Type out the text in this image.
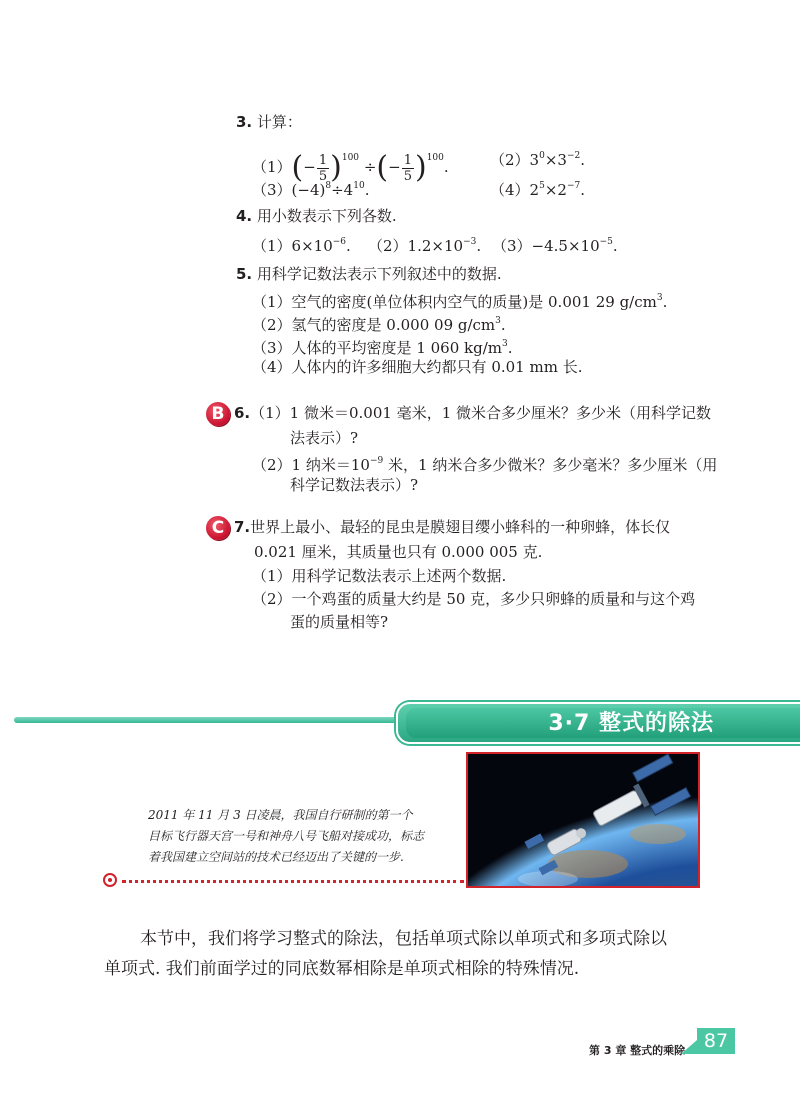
3. 计算：
$(1)(- \frac{1}{5} )^{100}$ ÷(− $\frac{1}{5} )^{100}$.	$(2)3^0\times 3^{-2}$.
$(3)(-4)^8\div 4^{10}$.	$(4)2^5\times 2^{-7}$.
4. 用小数表示下列各数.
$(1)6\times 10^{-6}$. $(2)1.2\times 10^{-3}$. $(3)-4.5\times 10^{-5}$.
5. 用科学记数法表示下列叙述中的数据.
（1）空气的密度(单位体积内空气的质量)是 0.001 29 $g/cm^3$.
（2）氢气的密度是 0.000 09 $g/cm^3$.
（3）人体的平均密度是 1 060 $kg/m^3$.
（4）人体内的许多细胞大约都只有 0.01 mm 长.
B 6.（1）1 微米＝0.001 毫米，1 微米合多少厘米？多少米（用科学记数
法表示）?
（2）1 纳米$=10^{-9}$ 米，1 纳米合多少微米？多少毫米？多少厘米（用
科学记数法表示）?
C 7.世界上最小、最轻的昆虫是膜翅目缨小蜂科的一种卵蜂，体长仅
0.021 厘米，其质量也只有 0.000 005 克.
（1）用科学记数法表示上述两个数据.
（2）一个鸡蛋的质量大约是 50 克，多少只卵蜂的质量和与这个鸡
蛋的质量相等?
3·7 整式的除法
2011 年 11 月 3 日凌晨，我国自行研制的第一个
目标飞行器天宫一号和神舟八号飞船对接成功，标志
着我国建立空间站的技术已经迈出了关键的一步.
本节中，我们将学习整式的除法，包括单项式除以单项式和多项式除以
单项式. 我们前面学过的同底数幂相除是单项式相除的特殊情况.
第 3 章 整式的乘除 87
